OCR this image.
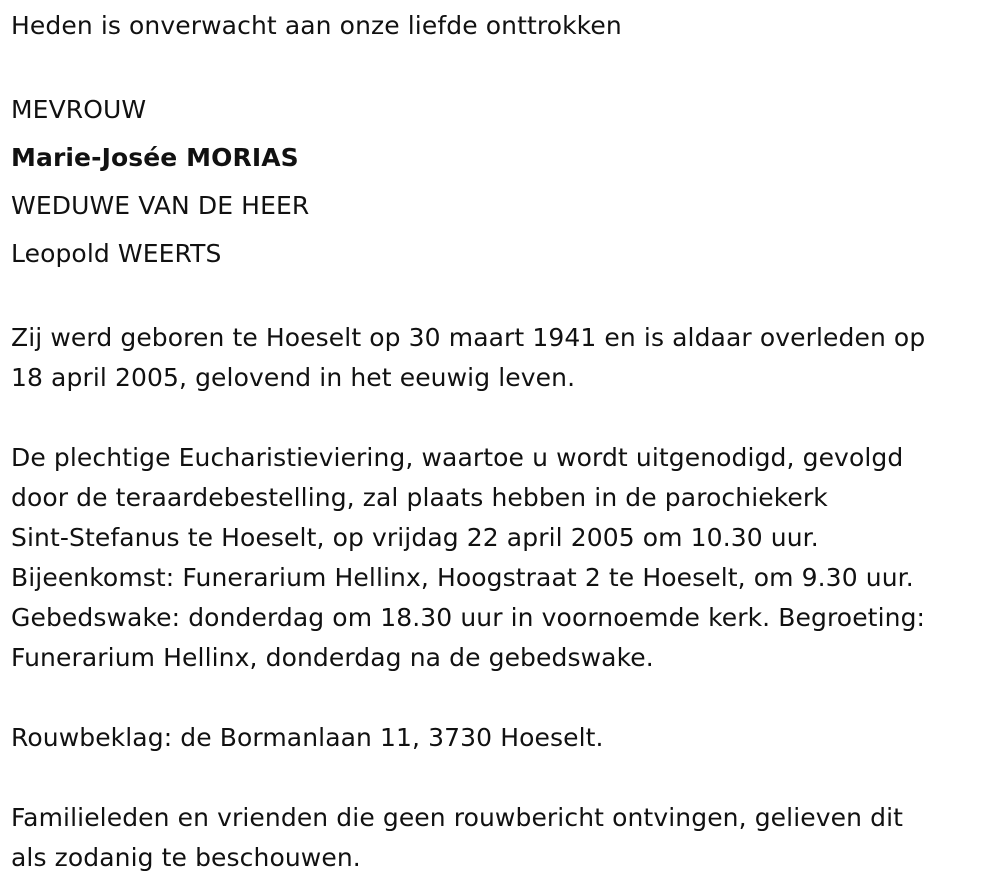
Heden is onverwacht aan onze liefde onttrokken

MEVROUW

Marie-Josée MORIAS

WEDUWE VAN DE HEER

Leopold WEERTS

Zij werd geboren te Hoeselt op 30 maart 1941 en is aldaar overleden op

18 april 2005, gelovend in het eeuwig leven.

De plechtige Eucharistieviering, waartoe u wordt uitgenodigd, gevolgd

door de teraardebestelling, zal plaats hebben in de parochiekerk

Sint-Stefanus te Hoeselt, op vrijdag 22 april 2005 om 10.30 uur.

Bijeenkomst: Funerarium Hellinx, Hoogstraat 2 te Hoeselt, om 9.30 uur.

Gebedswake: donderdag om 18.30 uur in voornoemde kerk. Begroeting:

Funerarium Hellinx, donderdag na de gebedswake.

Rouwbeklag: de Bormanlaan 11, 3730 Hoeselt.

Familieleden en vrienden die geen rouwbericht ontvingen, gelieven dit

als zodanig te beschouwen.
